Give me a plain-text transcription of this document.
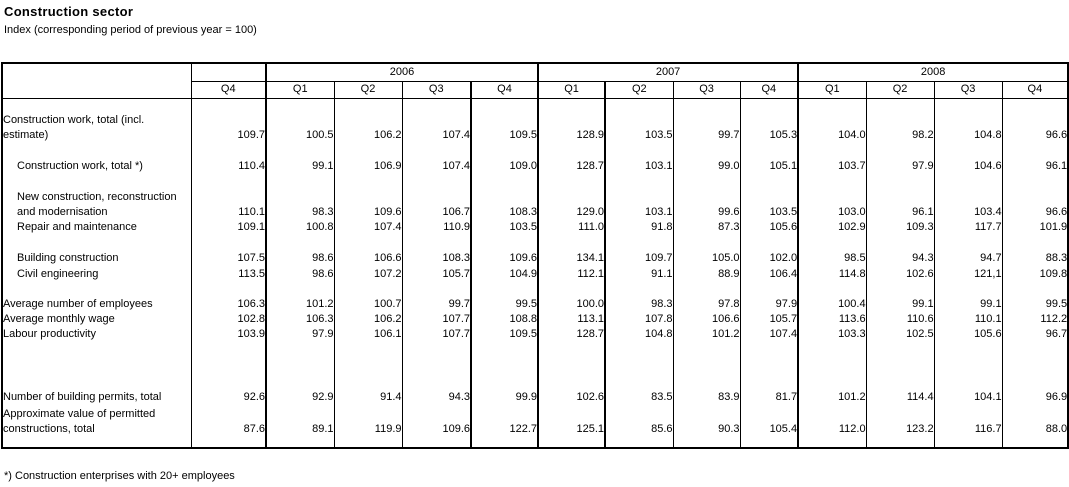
Construction sector
Index (corresponding period of previous year = 100)
		2006				2007				2008			
	Q4	Q1	Q2	Q3	Q4	Q1	Q2	Q3	Q4	Q1	Q2	Q3	Q4
Construction work, total (incl. estimate)	109.7	100.5	106.2	107.4	109.5	128.9	103.5	99.7	105.3	104.0	98.2	104.8	96.6

Construction work, total *)	110.4	99.1	106.9	107.4	109.0	128.7	103.1	99.0	105.1	103.7	97.9	104.6	96.1

New construction, reconstruction and modernisation	110.1	98.3	109.6	106.7	108.3	129.0	103.1	99.6	103.5	103.0	96.1	103.4	96.6
Repair and maintenance	109.1	100.8	107.4	110.9	103.5	111.0	91.8	87.3	105.6	102.9	109.3	117.7	101.9

Building construction	107.5	98.6	106.6	108.3	109.6	134.1	109.7	105.0	102.0	98.5	94.3	94.7	88.3
Civil engineering	113.5	98.6	107.2	105.7	104.9	112.1	91.1	88.9	106.4	114.8	102.6	121,1	109.8

Average number of employees	106.3	101.2	100.7	99.7	99.5	100.0	98.3	97.8	97.9	100.4	99.1	99.1	99.5
Average monthly wage	102.8	106.3	106.2	107.7	108.8	113.1	107.8	106.6	105.7	113.6	110.6	110.1	112.2
Labour productivity	103.9	97.9	106.1	107.7	109.5	128.7	104.8	101.2	107.4	103.3	102.5	105.6	96.7

Number of building permits, total	92.6	92.9	91.4	94.3	99.9	102.6	83.5	83.9	81.7	101.2	114.4	104.1	96.9
Approximate value of permitted constructions, total	87.6	89.1	119.9	109.6	122.7	125.1	85.6	90.3	105.4	112.0	123.2	116.7	88.0

*) Construction enterprises with 20+ employees
